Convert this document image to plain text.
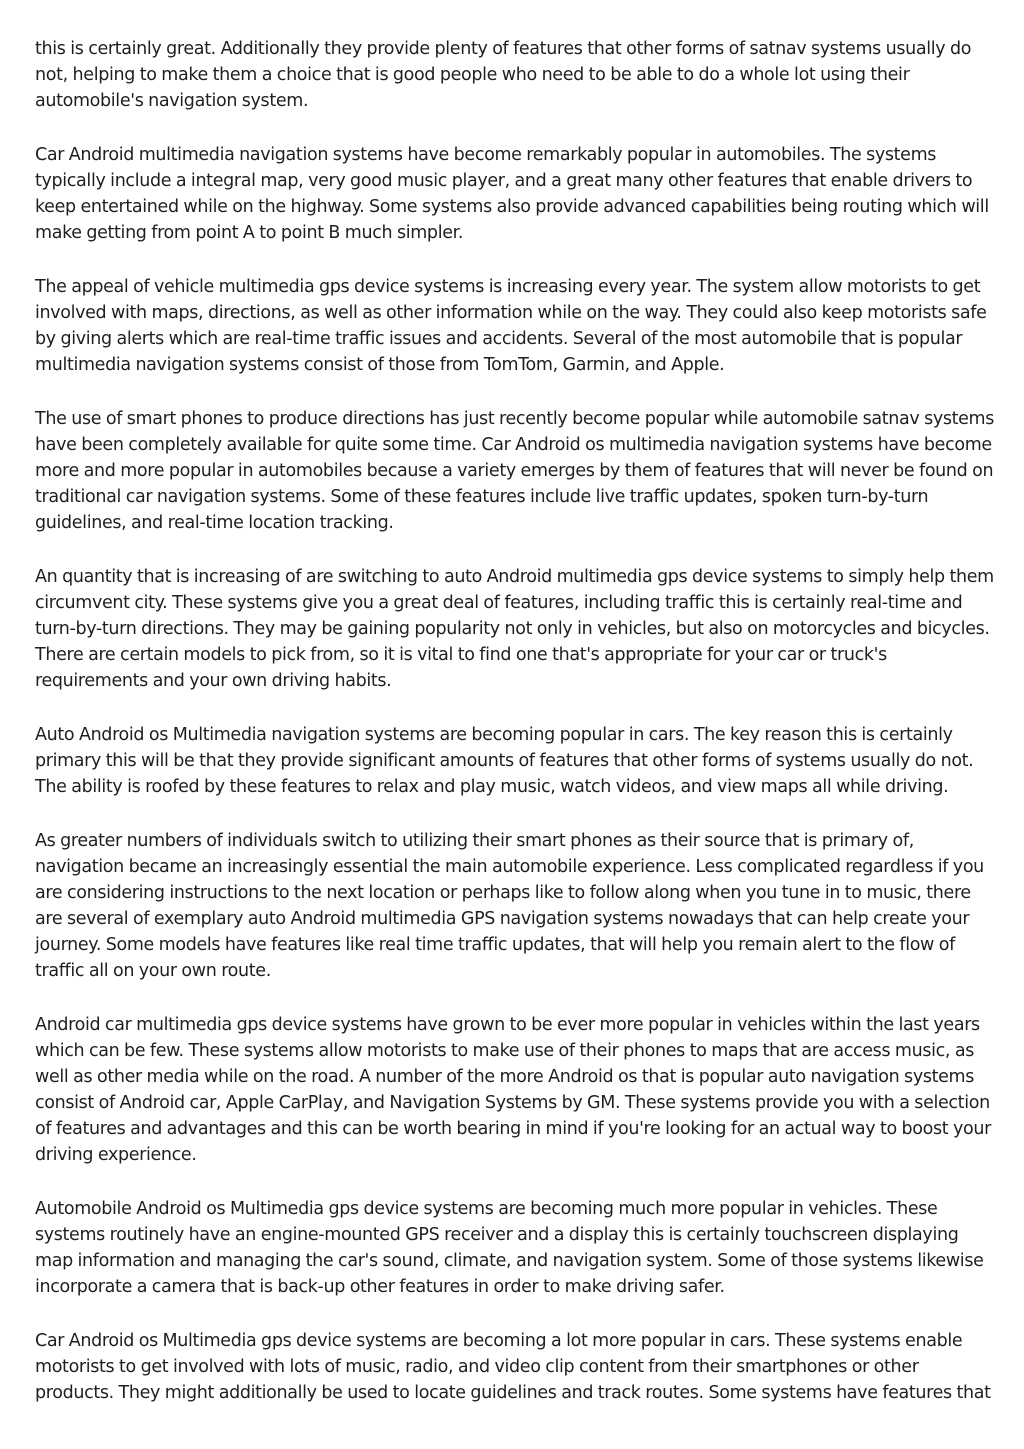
this is certainly great. Additionally they provide plenty of features that other forms of satnav systems usually do not, helping to make them a choice that is good people who need to be able to do a whole lot using their automobile's navigation system.

Car Android multimedia navigation systems have become remarkably popular in automobiles. The systems typically include a integral map, very good music player, and a great many other features that enable drivers to keep entertained while on the highway. Some systems also provide advanced capabilities being routing which will make getting from point A to point B much simpler.

The appeal of vehicle multimedia gps device systems is increasing every year. The system allow motorists to get involved with maps, directions, as well as other information while on the way. They could also keep motorists safe by giving alerts which are real-time traffic issues and accidents. Several of the most automobile that is popular multimedia navigation systems consist of those from TomTom, Garmin, and Apple.

The use of smart phones to produce directions has just recently become popular while automobile satnav systems have been completely available for quite some time. Car Android os multimedia navigation systems have become more and more popular in automobiles because a variety emerges by them of features that will never be found on traditional car navigation systems. Some of these features include live traffic updates, spoken turn-by-turn guidelines, and real-time location tracking.

An quantity that is increasing of are switching to auto Android multimedia gps device systems to simply help them circumvent city. These systems give you a great deal of features, including traffic this is certainly real-time and turn-by-turn directions. They may be gaining popularity not only in vehicles, but also on motorcycles and bicycles. There are certain models to pick from, so it is vital to find one that's appropriate for your car or truck's requirements and your own driving habits.

Auto Android os Multimedia navigation systems are becoming popular in cars. The key reason this is certainly primary this will be that they provide significant amounts of features that other forms of systems usually do not. The ability is roofed by these features to relax and play music, watch videos, and view maps all while driving.

As greater numbers of individuals switch to utilizing their smart phones as their source that is primary of, navigation became an increasingly essential the main automobile experience. Less complicated regardless if you are considering instructions to the next location or perhaps like to follow along when you tune in to music, there are several of exemplary auto Android multimedia GPS navigation systems nowadays that can help create your journey. Some models have features like real time traffic updates, that will help you remain alert to the flow of traffic all on your own route.

Android car multimedia gps device systems have grown to be ever more popular in vehicles within the last years which can be few. These systems allow motorists to make use of their phones to maps that are access music, as well as other media while on the road. A number of the more Android os that is popular auto navigation systems consist of Android car, Apple CarPlay, and Navigation Systems by GM. These systems provide you with a selection of features and advantages and this can be worth bearing in mind if you're looking for an actual way to boost your driving experience.

Automobile Android os Multimedia gps device systems are becoming much more popular in vehicles. These systems routinely have an engine-mounted GPS receiver and a display this is certainly touchscreen displaying map information and managing the car's sound, climate, and navigation system. Some of those systems likewise incorporate a camera that is back-up other features in order to make driving safer.

Car Android os Multimedia gps device systems are becoming a lot more popular in cars. These systems enable motorists to get involved with lots of music, radio, and video clip content from their smartphones or other products. They might additionally be used to locate guidelines and track routes. Some systems have features that
